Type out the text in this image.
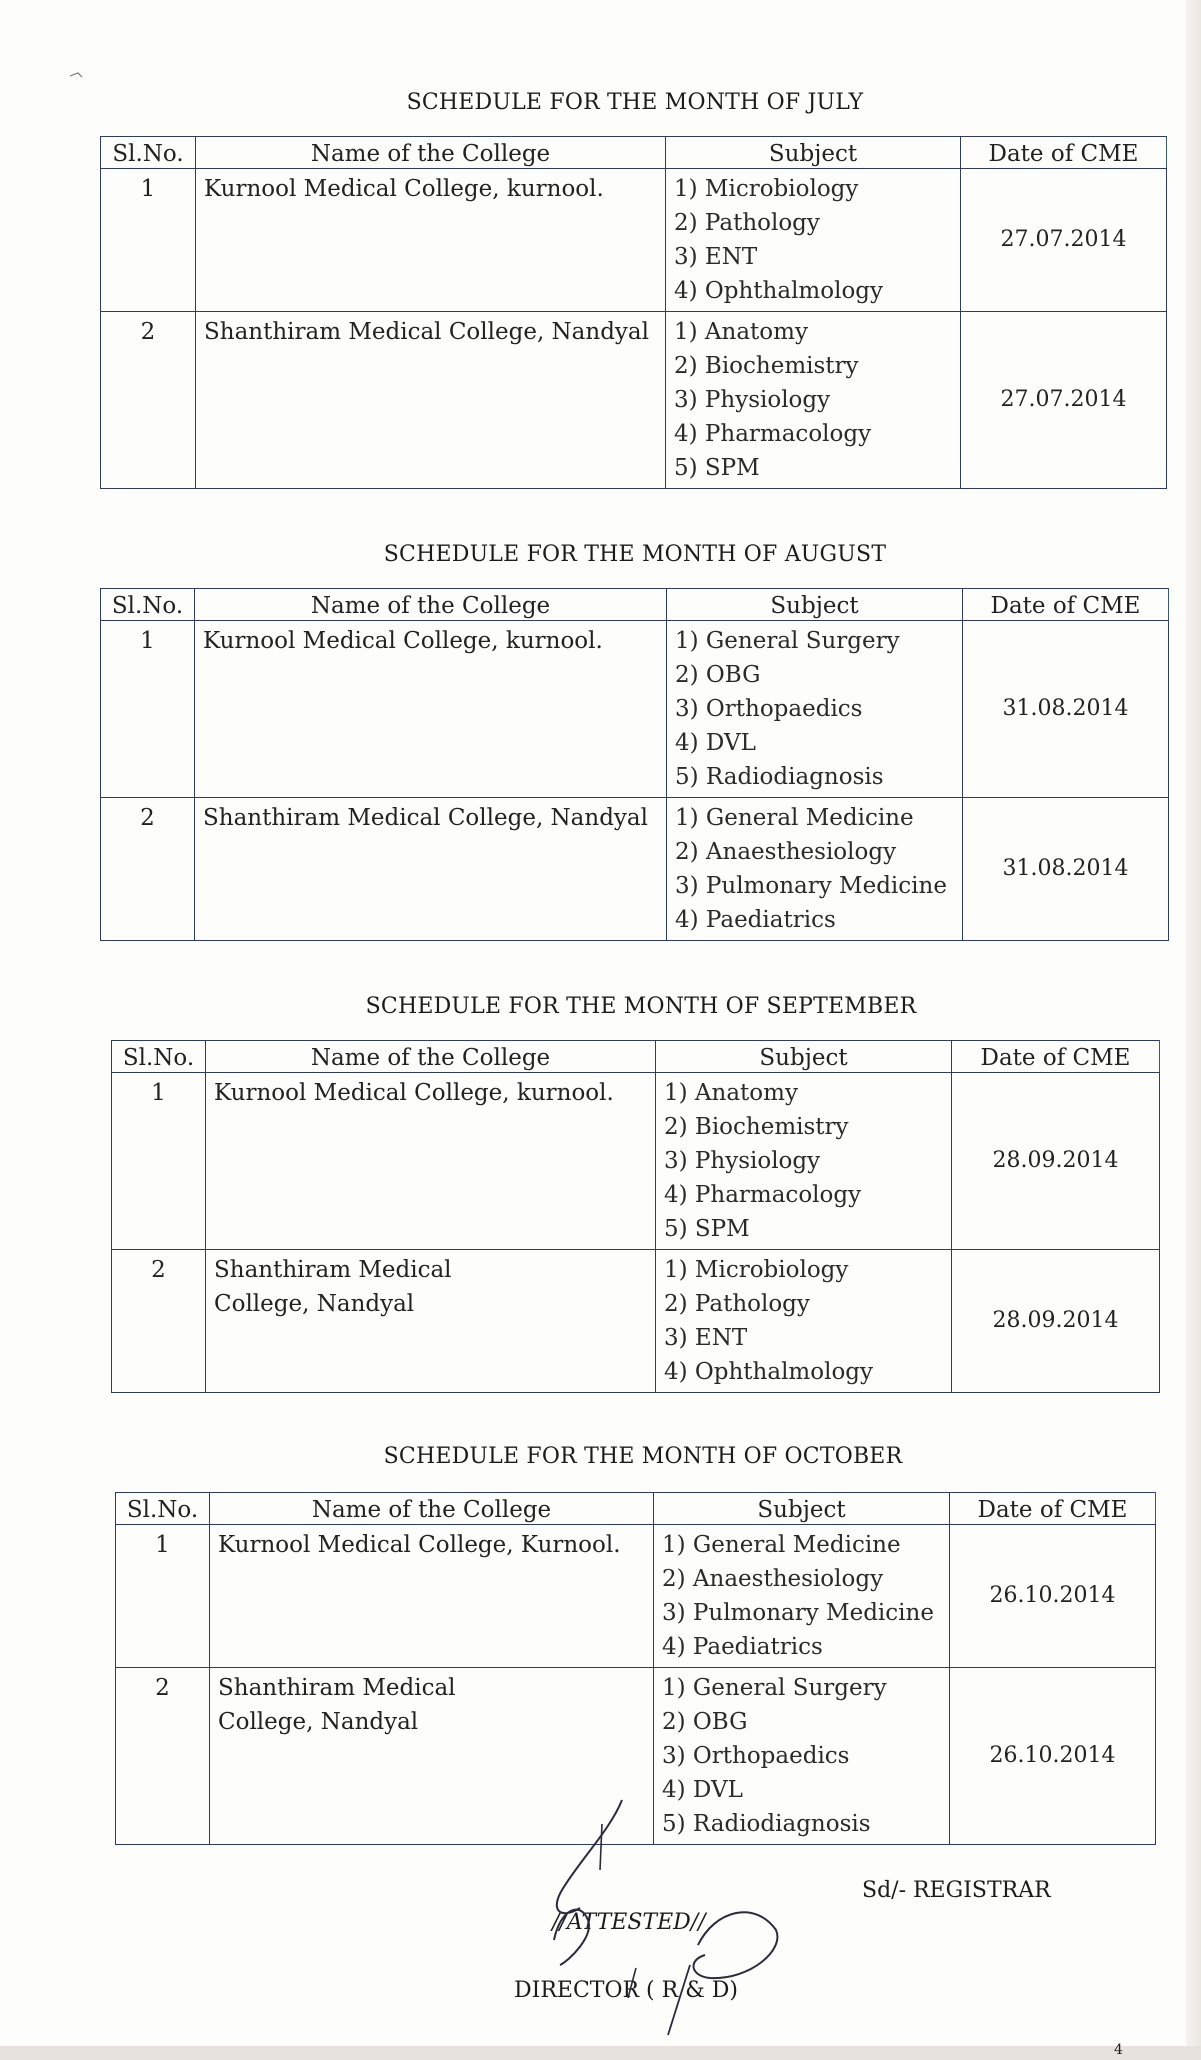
SCHEDULE FOR THE MONTH OF JULY
Sl.No.	Name of the College	Subject	Date of CME
1	Kurnool Medical College, kurnool.	1) Microbiology
2) Pathology
3) ENT
4) Ophthalmology	27.07.2014
2	Shanthiram Medical College, Nandyal	1) Anatomy
2) Biochemistry
3) Physiology
4) Pharmacology
5) SPM	27.07.2014
SCHEDULE FOR THE MONTH OF AUGUST
Sl.No.	Name of the College	Subject	Date of CME
1	Kurnool Medical College, kurnool.	1) General Surgery
2) OBG
3) Orthopaedics
4) DVL
5) Radiodiagnosis	31.08.2014
2	Shanthiram Medical College, Nandyal	1) General Medicine
2) Anaesthesiology
3) Pulmonary Medicine
4) Paediatrics	31.08.2014
SCHEDULE FOR THE MONTH OF SEPTEMBER
Sl.No.	Name of the College	Subject	Date of CME
1	Kurnool Medical College, kurnool.	1) Anatomy
2) Biochemistry
3) Physiology
4) Pharmacology
5) SPM	28.09.2014
2	Shanthiram Medical College, Nandyal	1) Microbiology
2) Pathology
3) ENT
4) Ophthalmology	28.09.2014
SCHEDULE FOR THE MONTH OF OCTOBER
Sl.No.	Name of the College	Subject	Date of CME
1	Kurnool Medical College, Kurnool.	1) General Medicine
2) Anaesthesiology
3) Pulmonary Medicine
4) Paediatrics	26.10.2014
2	Shanthiram Medical College, Nandyal	1) General Surgery
2) OBG
3) Orthopaedics
4) DVL
5) Radiodiagnosis	26.10.2014
Sd/- REGISTRAR
//ATTESTED//
DIRECTOR ( R & D)
4
